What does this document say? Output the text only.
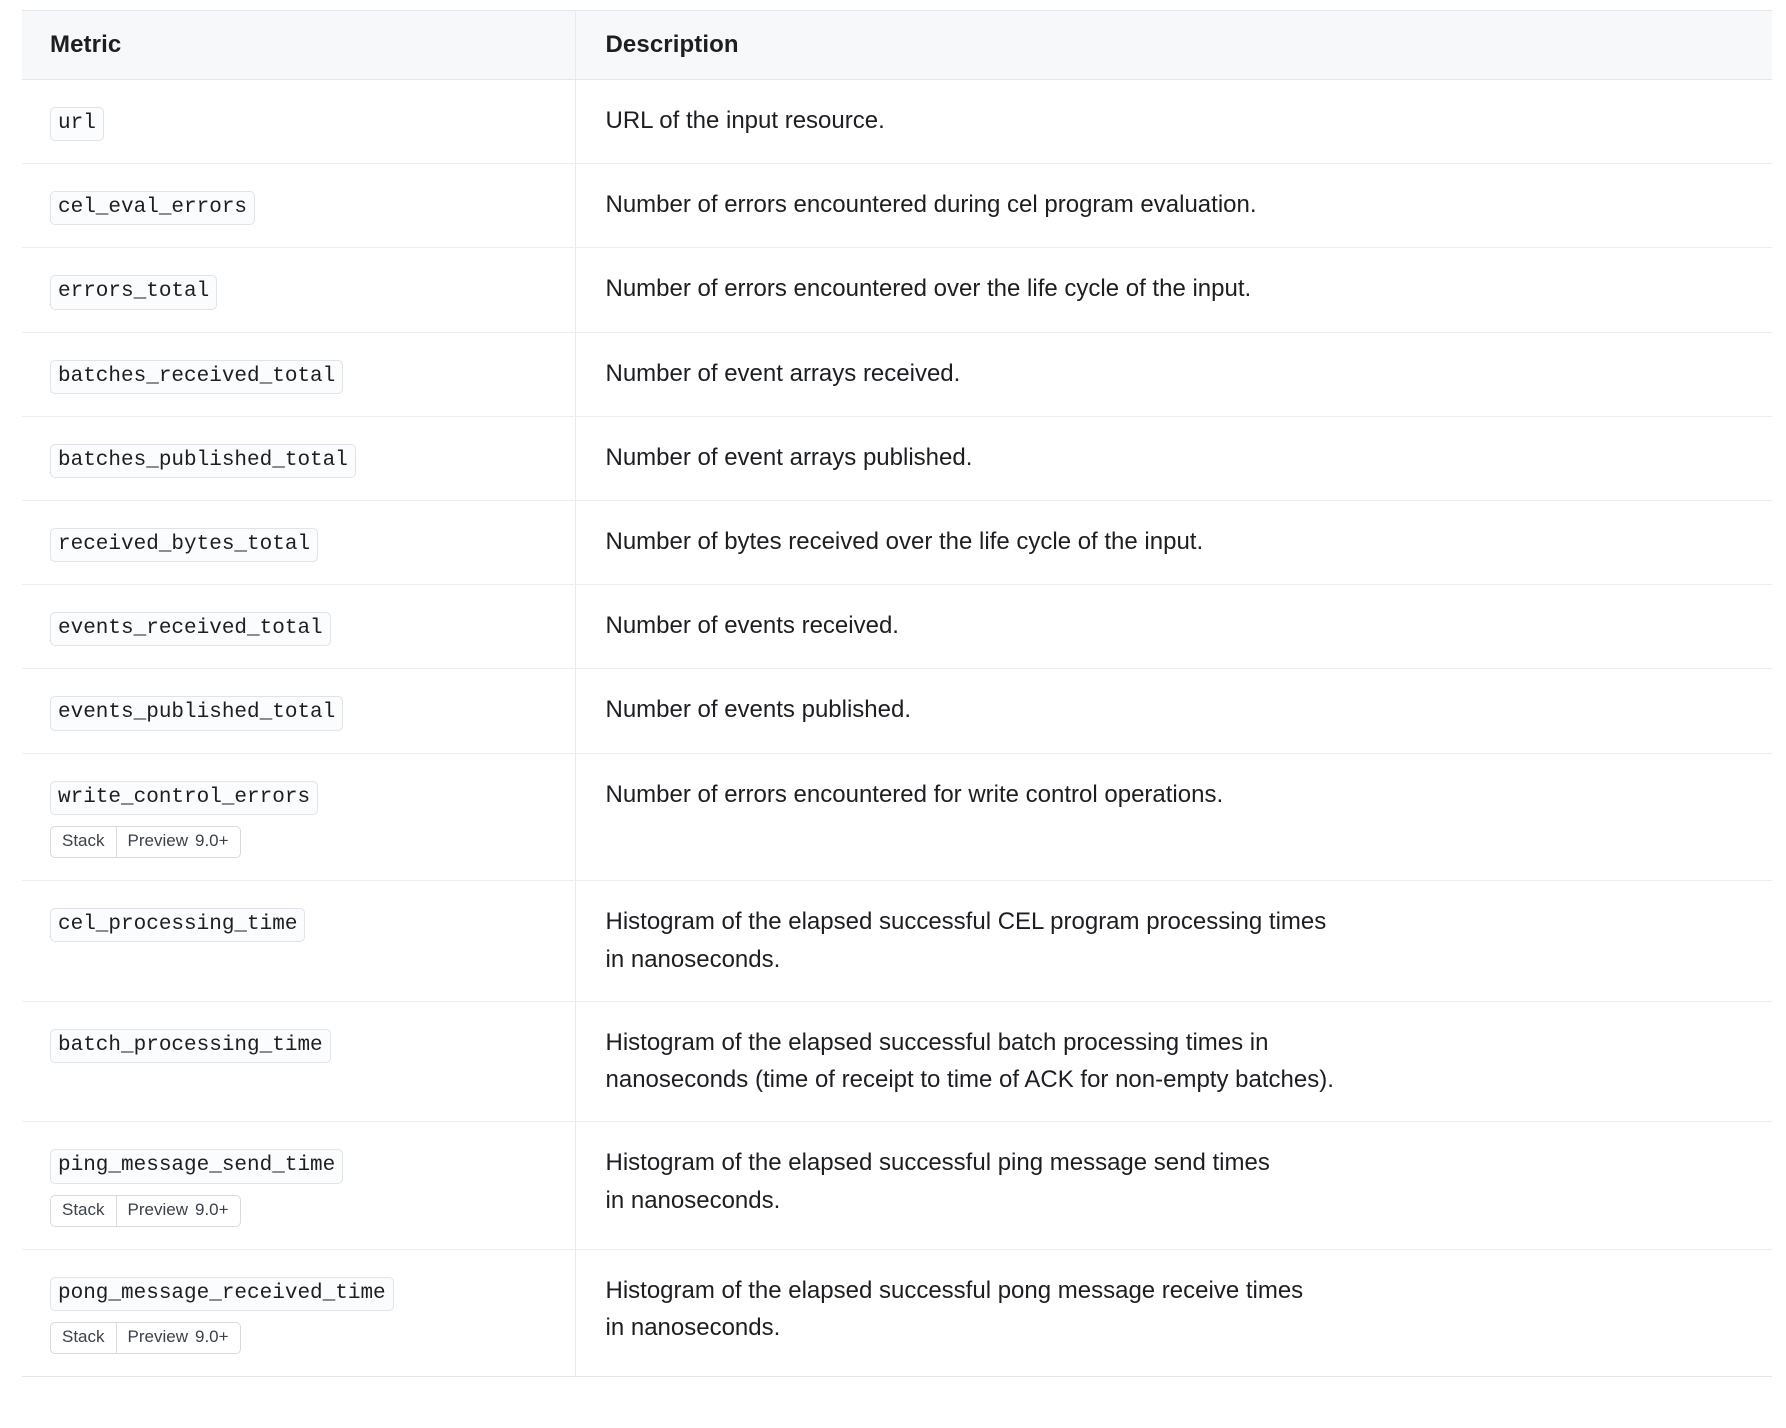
Metric	Description

url	URL of the input resource.

cel_eval_errors	Number of errors encountered during cel program evaluation.

errors_total	Number of errors encountered over the life cycle of the input.

batches_received_total	Number of event arrays received.

batches_published_total	Number of event arrays published.

received_bytes_total	Number of bytes received over the life cycle of the input.

events_received_total	Number of events received.

events_published_total	Number of events published.

write_control_errors
Stack Preview 9.0+	Number of errors encountered for write control operations.

cel_processing_time	Histogram of the elapsed successful CEL program processing times
in nanoseconds.

batch_processing_time	Histogram of the elapsed successful batch processing times in
nanoseconds (time of receipt to time of ACK for non-empty batches).

ping_message_send_time
Stack Preview 9.0+	Histogram of the elapsed successful ping message send times
in nanoseconds.

pong_message_received_time
Stack Preview 9.0+	Histogram of the elapsed successful pong message receive times
in nanoseconds.
